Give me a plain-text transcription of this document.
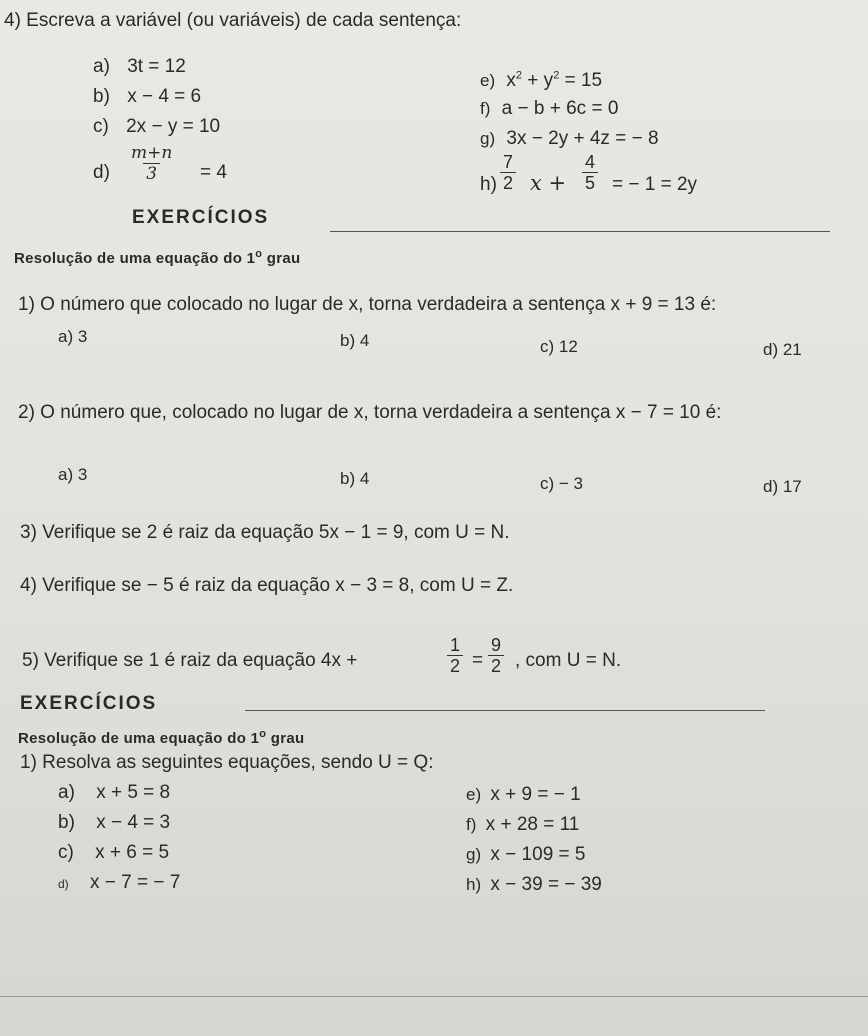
4) Escreva a variável (ou variáveis) de cada sentença:
a) 3t = 12
b) x − 4 = 6
c) 2x − y = 10
$d) \frac{m+n}{3} = 4$
e) $x^2 + y^2 = 15$
f) a − b + 6c = 0
g) 3x − 2y + 4z = − 8
$h) \frac{7}{2}$ $x + \frac{4}{5}$ = − 1 = 2y
EXERCÍCIOS
Resolução de uma equação do 1$^o$ grau
1) O número que colocado no lugar de x, torna verdadeira a sentença x + 9 = 13 é:
a) 3	b) 4	c) 12	d) 21
2) O número que, colocado no lugar de x, torna verdadeira a sentença x − 7 = 10 é:
a) 3	b) 4	c) − 3	d) 17
3) Verifique se 2 é raiz da equação 5x − 1 = 9, com U = N.
4) Verifique se − 5 é raiz da equação x − 3 = 8, com U = Z.
5) Verifique se 1 é raiz da equação 4x +	$\frac{1}{2} = \frac{9}{2}$ , com U = N.
EXERCÍCIOS
Resolução de uma equação do 1$^o$ grau
1) Resolva as seguintes equações, sendo U = Q:
a) x + 5 = 8
b) x − 4 = 3
c) x + 6 = 5
d) x − 7 = − 7
e) x + 9 = − 1
f) x + 28 = 11
g) x − 109 = 5
h) x − 39 = − 39
